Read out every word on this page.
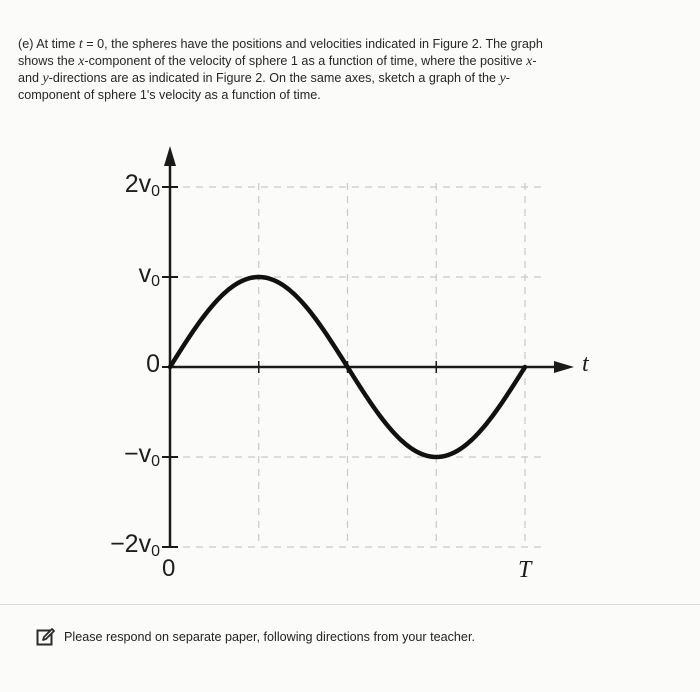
(e) At time t = 0, the spheres have the positions and velocities indicated in Figure 2. The graph
shows the x-component of the velocity of sphere 1 as a function of time, where the positive x-
and y-directions are as indicated in Figure 2. On the same axes, sketch a graph of the y-
component of sphere 1's velocity as a function of time.
$2v_0$
$v_0$
0
$-v_0$
$-2v_0$
0	T
t
Please respond on separate paper, following directions from your teacher.
